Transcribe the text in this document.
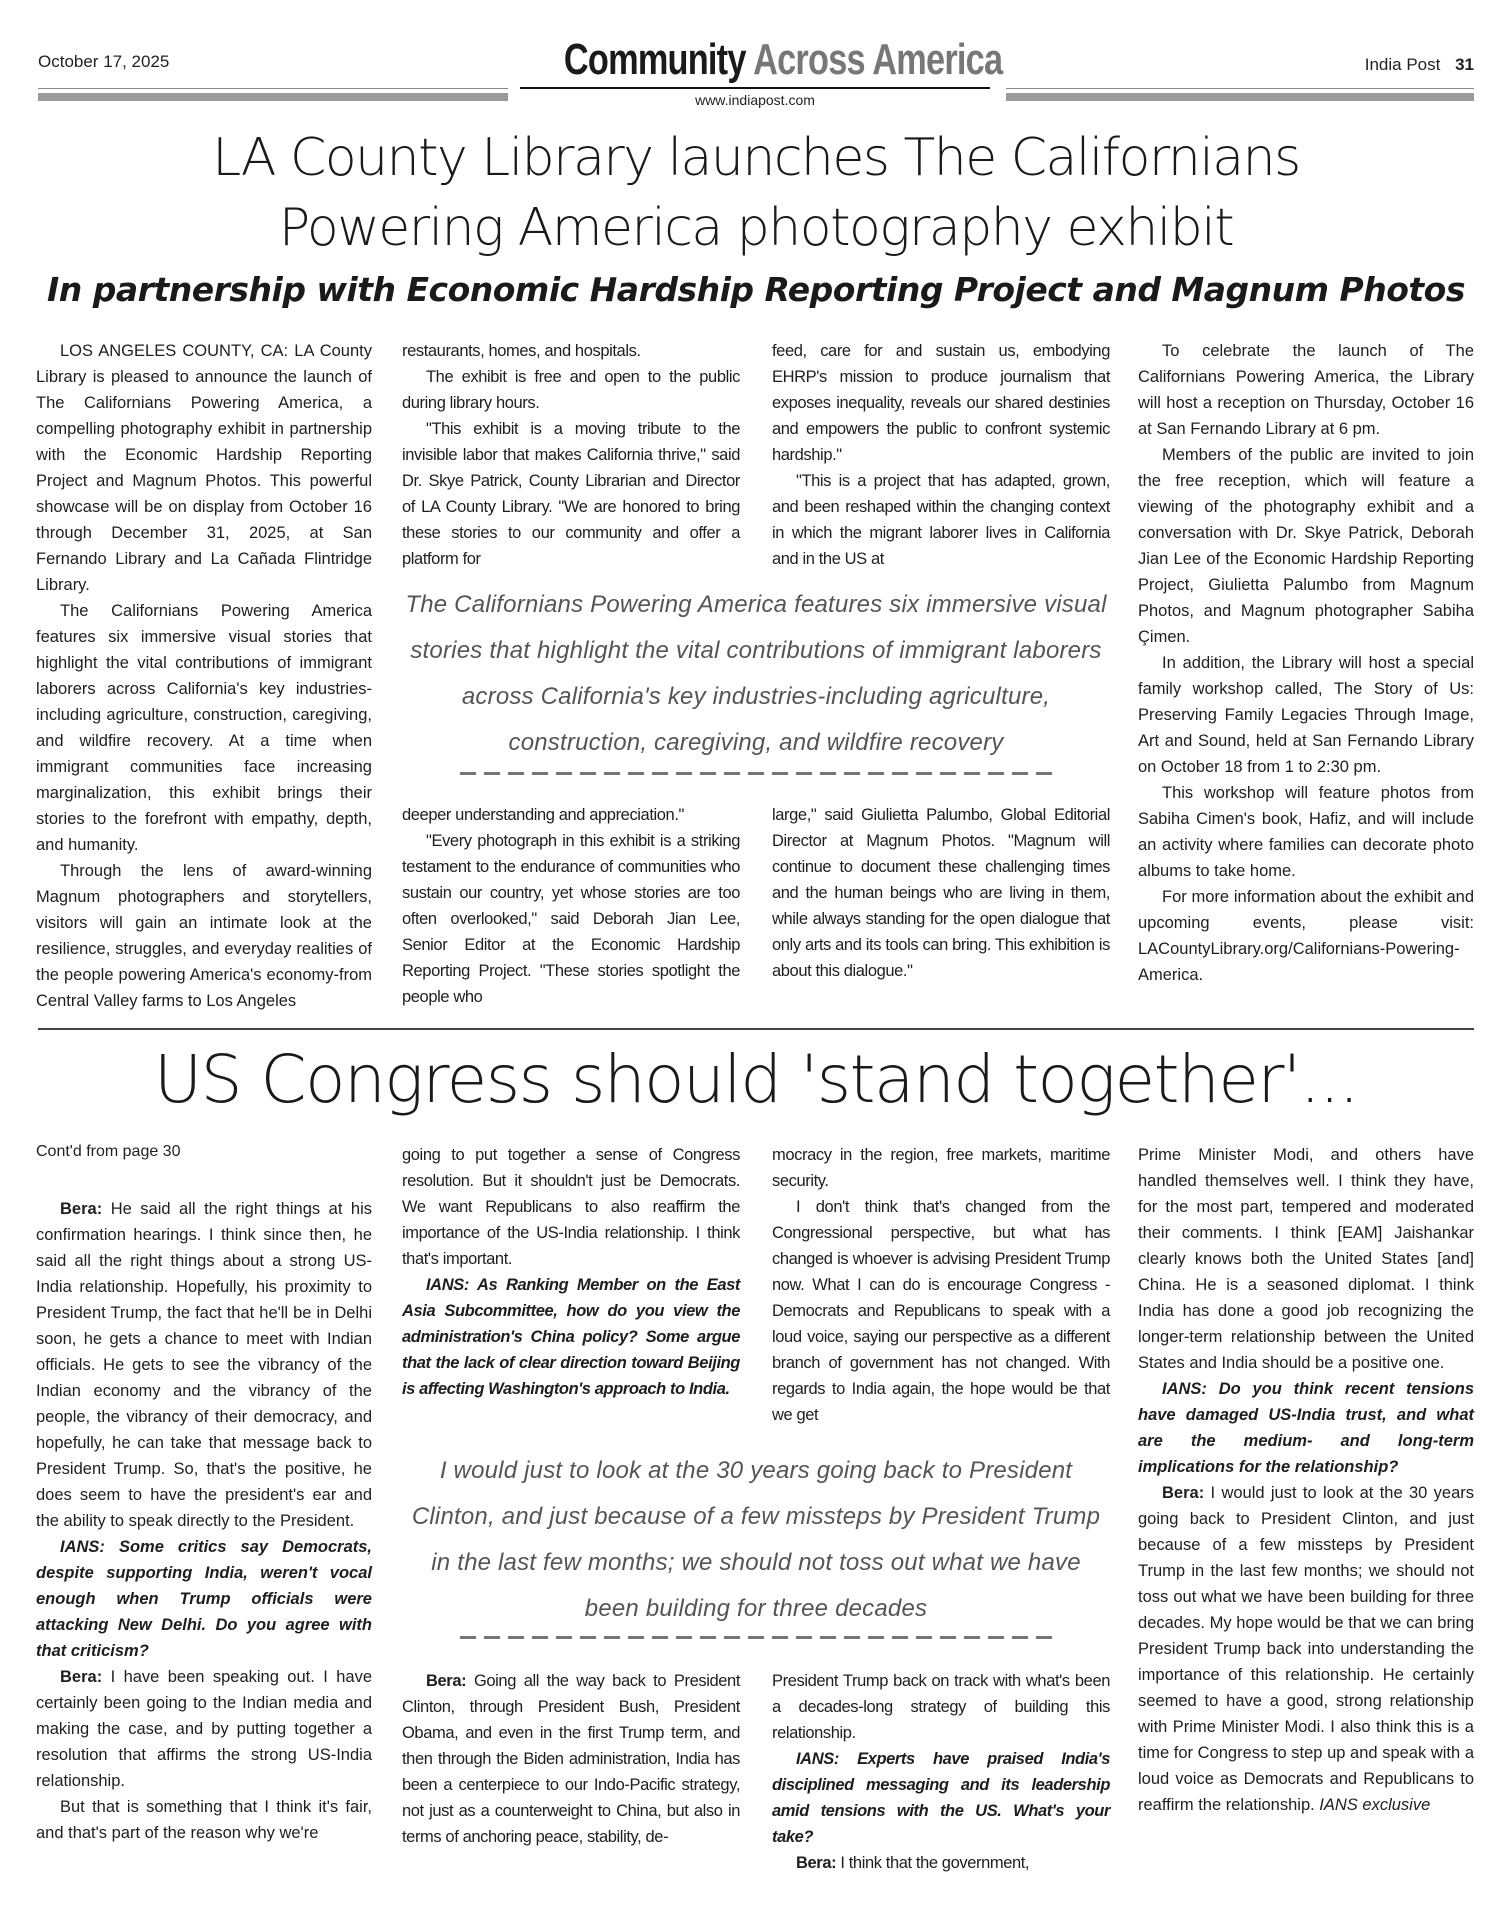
October 17, 2025	Community Across America
www.indiapost.com
India Post 31
LA County Library launches The Californians
Powering America photography exhibit
In partnership with Economic Hardship Reporting Project and Magnum Photos

LOS ANGELES COUNTY, CA: LA County Library is pleased to announce the launch of The Californians Powering America, a compelling photography exhibit in partnership with the Economic Hardship Reporting Project and Magnum Photos. This powerful showcase will be on display from October 16 through December 31, 2025, at San Fernando Library and La Cañada Flintridge Library.

The Californians Powering America features six immersive visual stories that highlight the vital contributions of immigrant laborers across California's key industries-including agriculture, construction, caregiving, and wildfire recovery. At a time when immigrant communities face increasing marginalization, this exhibit brings their stories to the forefront with empathy, depth, and humanity.

Through the lens of award-winning Magnum photographers and storytellers, visitors will gain an intimate look at the resilience, struggles, and everyday realities of the people powering America's economy-from Central Valley farms to Los Angeles

restaurants, homes, and hospitals.

The exhibit is free and open to the public during library hours.

"This exhibit is a moving tribute to the invisible labor that makes California thrive," said Dr. Skye Patrick, County Librarian and Director of LA County Library. "We are honored to bring these stories to our community and offer a platform for

feed, care for and sustain us, embodying EHRP's mission to produce journalism that exposes inequality, reveals our shared destinies and empowers the public to confront systemic hardship."

"This is a project that has adapted, grown, and been reshaped within the changing context in which the migrant laborer lives in California and in the US at

The Californians Powering America features six immersive visual stories that highlight the vital contributions of immigrant laborers across California's key industries-including agriculture, construction, caregiving, and wildfire recovery

deeper understanding and appreciation."

"Every photograph in this exhibit is a striking testament to the endurance of communities who sustain our country, yet whose stories are too often overlooked," said Deborah Jian Lee, Senior Editor at the Economic Hardship Reporting Project. "These stories spotlight the people who

large," said Giulietta Palumbo, Global Editorial Director at Magnum Photos. "Magnum will continue to document these challenging times and the human beings who are living in them, while always standing for the open dialogue that only arts and its tools can bring. This exhibition is about this dialogue."

To celebrate the launch of The Californians Powering America, the Library will host a reception on Thursday, October 16 at San Fernando Library at 6 pm.

Members of the public are invited to join the free reception, which will feature a viewing of the photography exhibit and a conversation with Dr. Skye Patrick, Deborah Jian Lee of the Economic Hardship Reporting Project, Giulietta Palumbo from Magnum Photos, and Magnum photographer Sabiha Çimen.

In addition, the Library will host a special family workshop called, The Story of Us: Preserving Family Legacies Through Image, Art and Sound, held at San Fernando Library on October 18 from 1 to 2:30 pm.

This workshop will feature photos from Sabiha Cimen's book, Hafiz, and will include an activity where families can decorate photo albums to take home.

For more information about the exhibit and upcoming events, please visit: LACountyLibrary.org/Californians-Powering-America.

US Congress should 'stand together'...
Cont'd from page 30

Bera: He said all the right things at his confirmation hearings. I think since then, he said all the right things about a strong US-India relationship. Hopefully, his proximity to President Trump, the fact that he'll be in Delhi soon, he gets a chance to meet with Indian officials. He gets to see the vibrancy of the Indian economy and the vibrancy of the people, the vibrancy of their democracy, and hopefully, he can take that message back to President Trump. So, that's the positive, he does seem to have the president's ear and the ability to speak directly to the President.

IANS: Some critics say Democrats, despite supporting India, weren't vocal enough when Trump officials were attacking New Delhi. Do you agree with that criticism?

Bera: I have been speaking out. I have certainly been going to the Indian media and making the case, and by putting together a resolution that affirms the strong US-India relationship.

But that is something that I think it's fair, and that's part of the reason why we're

going to put together a sense of Congress resolution. But it shouldn't just be Democrats. We want Republicans to also reaffirm the importance of the US-India relationship. I think that's important.

IANS: As Ranking Member on the East Asia Subcommittee, how do you view the administration's China policy? Some argue that the lack of clear direction toward Beijing is affecting Washington's approach to India.

mocracy in the region, free markets, maritime security.

I don't think that's changed from the Congressional perspective, but what has changed is whoever is advising President Trump now. What I can do is encourage Congress - Democrats and Republicans to speak with a loud voice, saying our perspective as a different branch of government has not changed. With regards to India again, the hope would be that we get

I would just to look at the 30 years going back to President Clinton, and just because of a few missteps by President Trump in the last few months; we should not toss out what we have been building for three decades

Bera: Going all the way back to President Clinton, through President Bush, President Obama, and even in the first Trump term, and then through the Biden administration, India has been a centerpiece to our Indo-Pacific strategy, not just as a counterweight to China, but also in terms of anchoring peace, stability, de-

President Trump back on track with what's been a decades-long strategy of building this relationship.

IANS: Experts have praised India's disciplined messaging and its leadership amid tensions with the US. What's your take?

Bera: I think that the government,

Prime Minister Modi, and others have handled themselves well. I think they have, for the most part, tempered and moderated their comments. I think [EAM] Jaishankar clearly knows both the United States [and] China. He is a seasoned diplomat. I think India has done a good job recognizing the longer-term relationship between the United States and India should be a positive one.

IANS: Do you think recent tensions have damaged US-India trust, and what are the medium- and long-term implications for the relationship?

Bera: I would just to look at the 30 years going back to President Clinton, and just because of a few missteps by President Trump in the last few months; we should not toss out what we have been building for three decades. My hope would be that we can bring President Trump back into understanding the importance of this relationship. He certainly seemed to have a good, strong relationship with Prime Minister Modi. I also think this is a time for Congress to step up and speak with a loud voice as Democrats and Republicans to reaffirm the relationship. IANS exclusive
